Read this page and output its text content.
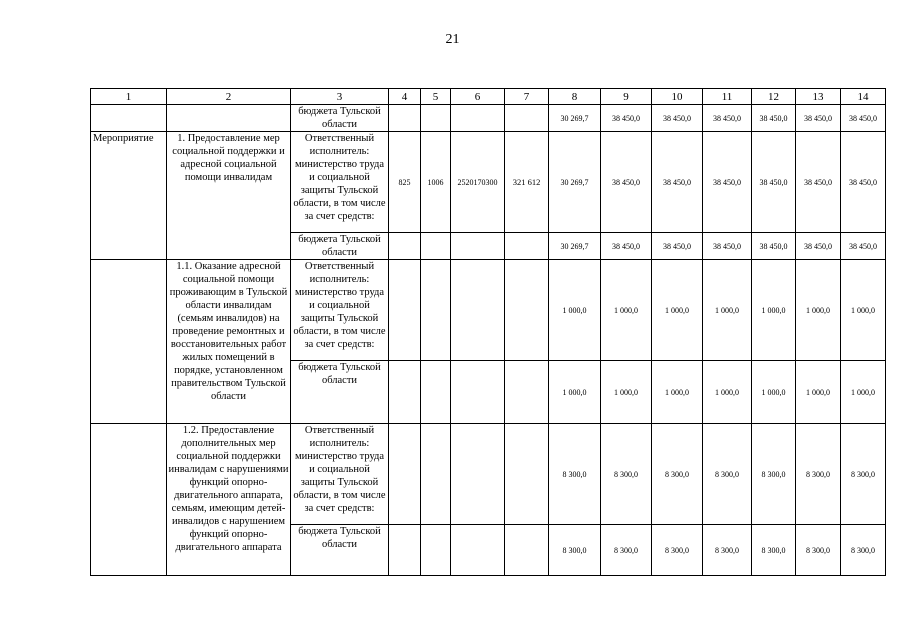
21
1	2	3	4	5	6	7	8	9	10	11	12	13	14
		бюджета Тульской области					30 269,7	38 450,0	38 450,0	38 450,0	38 450,0	38 450,0	38 450,0
Мероприятие	1. Предоставление мер социальной поддержки и адресной социальной помощи инвалидам	Ответственный исполнитель: министерство труда и социальной защиты Тульской области, в том числе за счет средств:	825	1006	2520170300	321 612	30 269,7	38 450,0	38 450,0	38 450,0	38 450,0	38 450,0	38 450,0
		бюджета Тульской области					30 269,7	38 450,0	38 450,0	38 450,0	38 450,0	38 450,0	38 450,0
	1.1. Оказание адресной социальной помощи проживающим в Тульской области инвалидам (семьям инвалидов) на проведение ремонтных и восстановительных работ жилых помещений в порядке, установленном правительством Тульской области	Ответственный исполнитель: министерство труда и социальной защиты Тульской области, в том числе за счет средств:					1 000,0	1 000,0	1 000,0	1 000,0	1 000,0	1 000,0	1 000,0
		бюджета Тульской области					1 000,0	1 000,0	1 000,0	1 000,0	1 000,0	1 000,0	1 000,0
	1.2. Предоставление дополнительных мер социальной поддержки инвалидам с нарушениями функций опорно-двигательного аппарата, семьям, имеющим детей-инвалидов с нарушением функций опорно-двигательного аппарата	Ответственный исполнитель: министерство труда и социальной защиты Тульской области, в том числе за счет средств:					8 300,0	8 300,0	8 300,0	8 300,0	8 300,0	8 300,0	8 300,0
		бюджета Тульской области					8 300,0	8 300,0	8 300,0	8 300,0	8 300,0	8 300,0	8 300,0
